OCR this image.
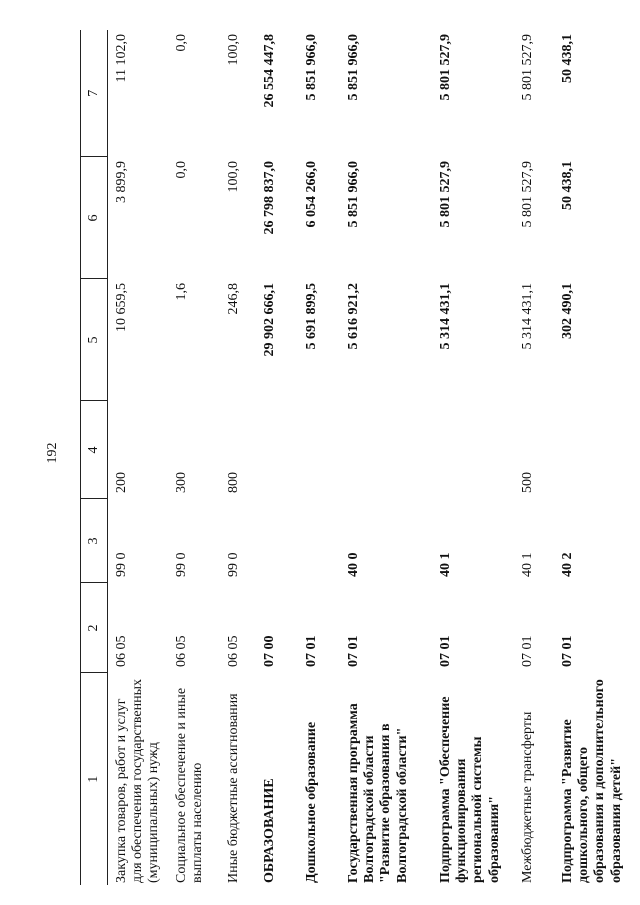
192
1	2	3	4	5	6	7
Закупка товаров, работ и услуг для обеспечения государственных (муниципальных) нужд	06 05	99 0	200	10 659,5	3 899,9	11 102,0
Социальное обеспечение и иные выплаты населению	06 05	99 0	300	1,6	0,0	0,0
Иные бюджетные ассигнования	06 05	99 0	800	246,8	100,0	100,0
ОБРАЗОВАНИЕ	07 00			29 902 666,1	26 798 837,0	26 554 447,8
Дошкольное образование	07 01			5 691 899,5	6 054 266,0	5 851 966,0
Государственная программа Волгоградской области "Развитие образования в Волгоградской области"	07 01	40 0		5 616 921,2	5 851 966,0	5 851 966,0
Подпрограмма "Обеспечение функционирования региональной системы образования"	07 01	40 1		5 314 431,1	5 801 527,9	5 801 527,9
Межбюджетные трансферты	07 01	40 1	500	5 314 431,1	5 801 527,9	5 801 527,9
Подпрограмма "Развитие дошкольного, общего образования и дополнительного образования детей"	07 01	40 2		302 490,1	50 438,1	50 438,1
